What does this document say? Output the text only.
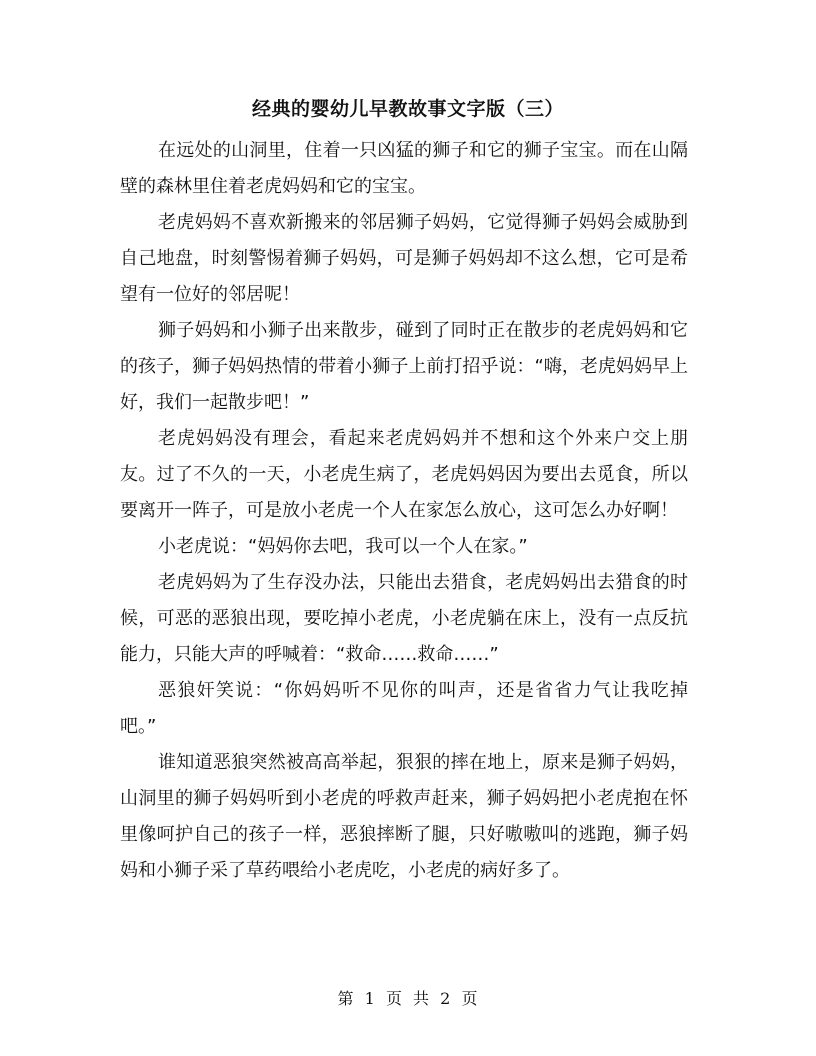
经典的婴幼儿早教故事文字版（三）

在远处的山洞里，住着一只凶猛的狮子和它的狮子宝宝。而在山隔壁的森林里住着老虎妈妈和它的宝宝。

老虎妈妈不喜欢新搬来的邻居狮子妈妈，它觉得狮子妈妈会威胁到自己地盘，时刻警惕着狮子妈妈，可是狮子妈妈却不这么想，它可是希望有一位好的邻居呢！

狮子妈妈和小狮子出来散步，碰到了同时正在散步的老虎妈妈和它的孩子，狮子妈妈热情的带着小狮子上前打招乎说：“嗨，老虎妈妈早上好，我们一起散步吧！”

老虎妈妈没有理会，看起来老虎妈妈并不想和这个外来户交上朋友。过了不久的一天，小老虎生病了，老虎妈妈因为要出去觅食，所以要离开一阵子，可是放小老虎一个人在家怎么放心，这可怎么办好啊！

小老虎说：“妈妈你去吧，我可以一个人在家。”

老虎妈妈为了生存没办法，只能出去猎食，老虎妈妈出去猎食的时候，可恶的恶狼出现，要吃掉小老虎，小老虎躺在床上，没有一点反抗能力，只能大声的呼喊着：“救命……救命……”

恶狼奸笑说：“你妈妈听不见你的叫声，还是省省力气让我吃掉吧。”

谁知道恶狼突然被高高举起，狠狠的摔在地上，原来是狮子妈妈，山洞里的狮子妈妈听到小老虎的呼救声赶来，狮子妈妈把小老虎抱在怀里像呵护自己的孩子一样，恶狼摔断了腿，只好嗷嗷叫的逃跑，狮子妈妈和小狮子采了草药喂给小老虎吃，小老虎的病好多了。

第 1 页 共 2 页
